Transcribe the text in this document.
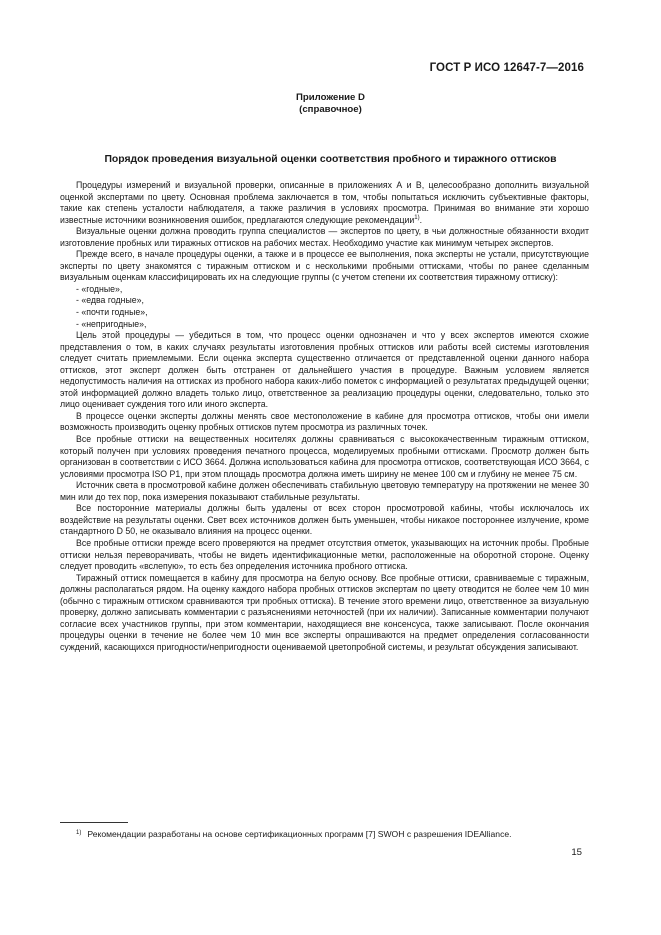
ГОСТ Р ИСО 12647-7—2016
Приложение D
(справочное)
Порядок проведения визуальной оценки соответствия пробного и тиражного оттисков

Процедуры измерений и визуальной проверки, описанные в приложениях А и В, целесообразно дополнить визуальной оценкой экспертами по цвету. Основная проблема заключается в том, чтобы попытаться исключить субъективные факторы, такие как степень усталости наблюдателя, а также различия в условиях просмотра. Принимая во внимание эти хорошо известные источники возникновения ошибок, предлагаются следующие рекомендации$^{1)}$.

Визуальные оценки должна проводить группа специалистов — экспертов по цвету, в чьи должностные обязанности входит изготовление пробных или тиражных оттисков на рабочих местах. Необходимо участие как минимум четырех экспертов.

Прежде всего, в начале процедуры оценки, а также и в процессе ее выполнения, пока эксперты не устали, присутствующие эксперты по цвету знакомятся с тиражным оттиском и с несколькими пробными оттисками, чтобы по ранее сделанным визуальным оценкам классифицировать их на следующие группы (с учетом степени их соответствия тиражному оттиску):

- «годные»,

- «едва годные»,

- «почти годные»,

- «непригодные»,

Цель этой процедуры — убедиться в том, что процесс оценки однозначен и что у всех экспертов имеются схожие представления о том, в каких случаях результаты изготовления пробных оттисков или работы всей системы изготовления следует считать приемлемыми. Если оценка эксперта существенно отличается от представленной оценки данного набора оттисков, этот эксперт должен быть отстранен от дальнейшего участия в процедуре. Важным условием является недопустимость наличия на оттисках из пробного набора каких-либо пометок с информацией о результатах предыдущей оценки; этой информацией должно владеть только лицо, ответственное за реализацию процедуры оценки, следовательно, только это лицо оценивает суждения того или иного эксперта.

В процессе оценки эксперты должны менять свое местоположение в кабине для просмотра оттисков, чтобы они имели возможность производить оценку пробных оттисков путем просмотра из различных точек.

Все пробные оттиски на вещественных носителях должны сравниваться с высококачественным тиражным оттиском, который получен при условиях проведения печатного процесса, моделируемых пробными оттисками. Просмотр должен быть организован в соответствии с ИСО 3664. Должна использоваться кабина для просмотра оттисков, соответствующая ИСО 3664, с условиями просмотра ISO P1, при этом площадь просмотра должна иметь ширину не менее 100 см и глубину не менее 75 см.

Источник света в просмотровой кабине должен обеспечивать стабильную цветовую температуру на протяжении не менее 30 мин или до тех пор, пока измерения показывают стабильные результаты.

Все посторонние материалы должны быть удалены от всех сторон просмотровой кабины, чтобы исключалось их воздействие на результаты оценки. Свет всех источников должен быть уменьшен, чтобы никакое постороннее излучение, кроме стандартного D 50, не оказывало влияния на процесс оценки.

Все пробные оттиски прежде всего проверяются на предмет отсутствия отметок, указывающих на источник пробы. Пробные оттиски нельзя переворачивать, чтобы не видеть идентификационные метки, расположенные на оборотной стороне. Оценку следует проводить «вслепую», то есть без определения источника пробного оттиска.

Тиражный оттиск помещается в кабину для просмотра на белую основу. Все пробные оттиски, сравниваемые с тиражным, должны располагаться рядом. На оценку каждого набора пробных оттисков экспертам по цвету отводится не более чем 10 мин (обычно с тиражным оттиском сравниваются три пробных оттиска). В течение этого времени лицо, ответственное за визуальную проверку, должно записывать комментарии с разъяснениями неточностей (при их наличии). Записанные комментарии получают согласие всех участников группы, при этом комментарии, находящиеся вне консенсуса, также записывают. После окончания процедуры оценки в течение не более чем 10 мин все эксперты опрашиваются на предмет определения согласованности суждений, касающихся пригодности/непригодности оцениваемой цветопробной системы, и результат обсуждения записывают.

$^{1)}$ Рекомендации разработаны на основе сертификационных программ [7] SWOH с разрешения IDEAlliance.
15
